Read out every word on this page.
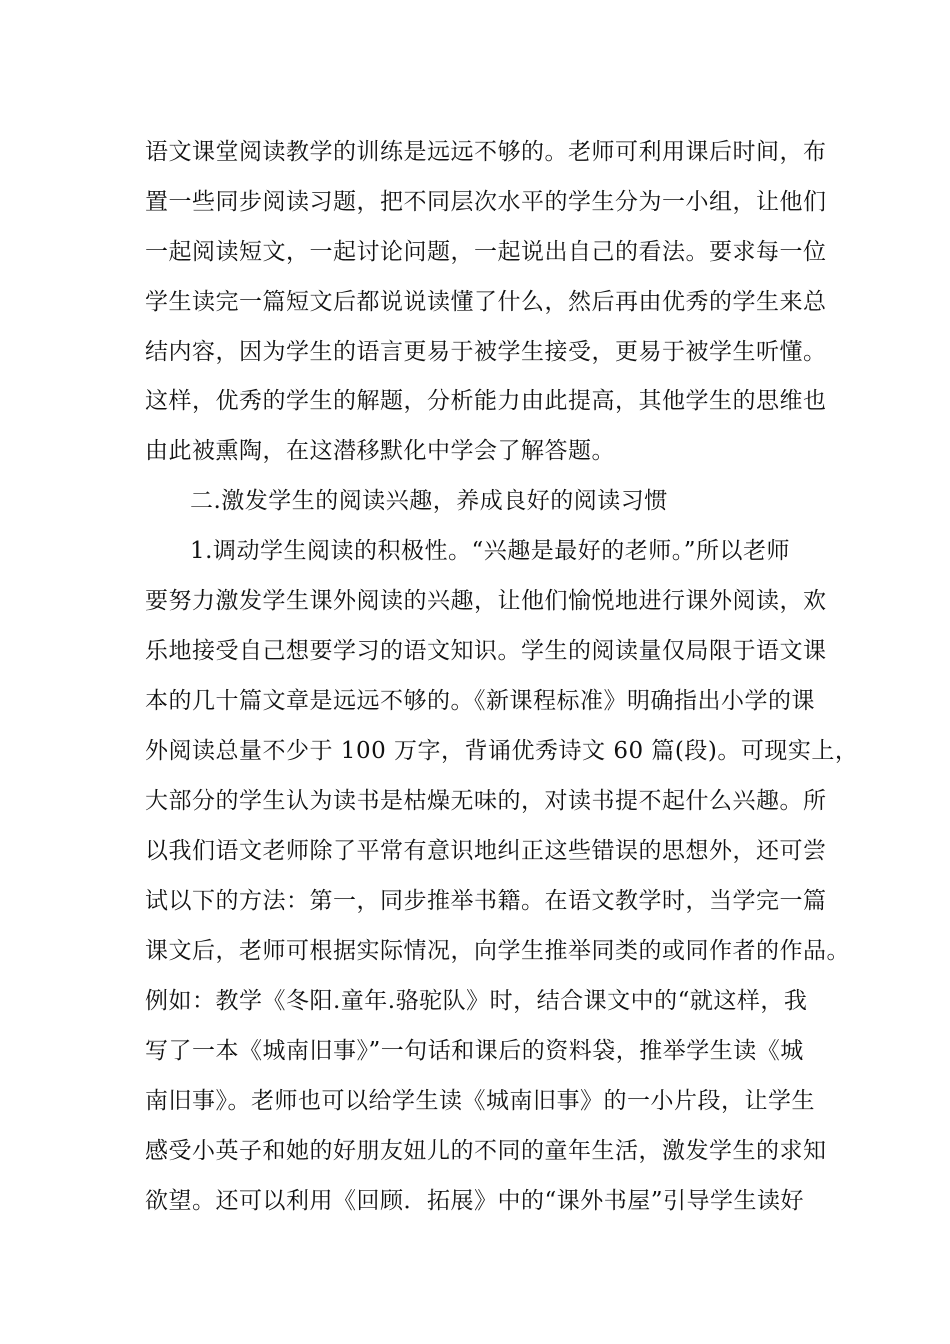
语文课堂阅读教学的训练是远远不够的。老师可利用课后时间，布
置一些同步阅读习题，把不同层次水平的学生分为一小组，让他们
一起阅读短文，一起讨论问题，一起说出自己的看法。要求每一位
学生读完一篇短文后都说说读懂了什么，然后再由优秀的学生来总
结内容，因为学生的语言更易于被学生接受，更易于被学生听懂。
这样，优秀的学生的解题，分析能力由此提高，其他学生的思维也
由此被熏陶，在这潜移默化中学会了解答题。
二.激发学生的阅读兴趣，养成良好的阅读习惯
1.调动学生阅读的积极性。“兴趣是最好的老师。”所以老师
要努力激发学生课外阅读的兴趣，让他们愉悦地进行课外阅读，欢
乐地接受自己想要学习的语文知识。学生的阅读量仅局限于语文课
本的几十篇文章是远远不够的。《新课程标准》明确指出小学的课
外阅读总量不少于 100 万字，背诵优秀诗文 60 篇(段)。可现实上，
大部分的学生认为读书是枯燥无味的，对读书提不起什么兴趣。所
以我们语文老师除了平常有意识地纠正这些错误的思想外，还可尝
试以下的方法：第一，同步推举书籍。在语文教学时，当学完一篇
课文后，老师可根据实际情况，向学生推举同类的或同作者的作品。
例如：教学《冬阳.童年.骆驼队》时，结合课文中的“就这样，我
写了一本《城南旧事》”一句话和课后的资料袋，推举学生读《城
南旧事》。老师也可以给学生读《城南旧事》的一小片段，让学生
感受小英子和她的好朋友妞儿的不同的童年生活，激发学生的求知
欲望。还可以利用《回顾．拓展》中的“课外书屋”引导学生读好
